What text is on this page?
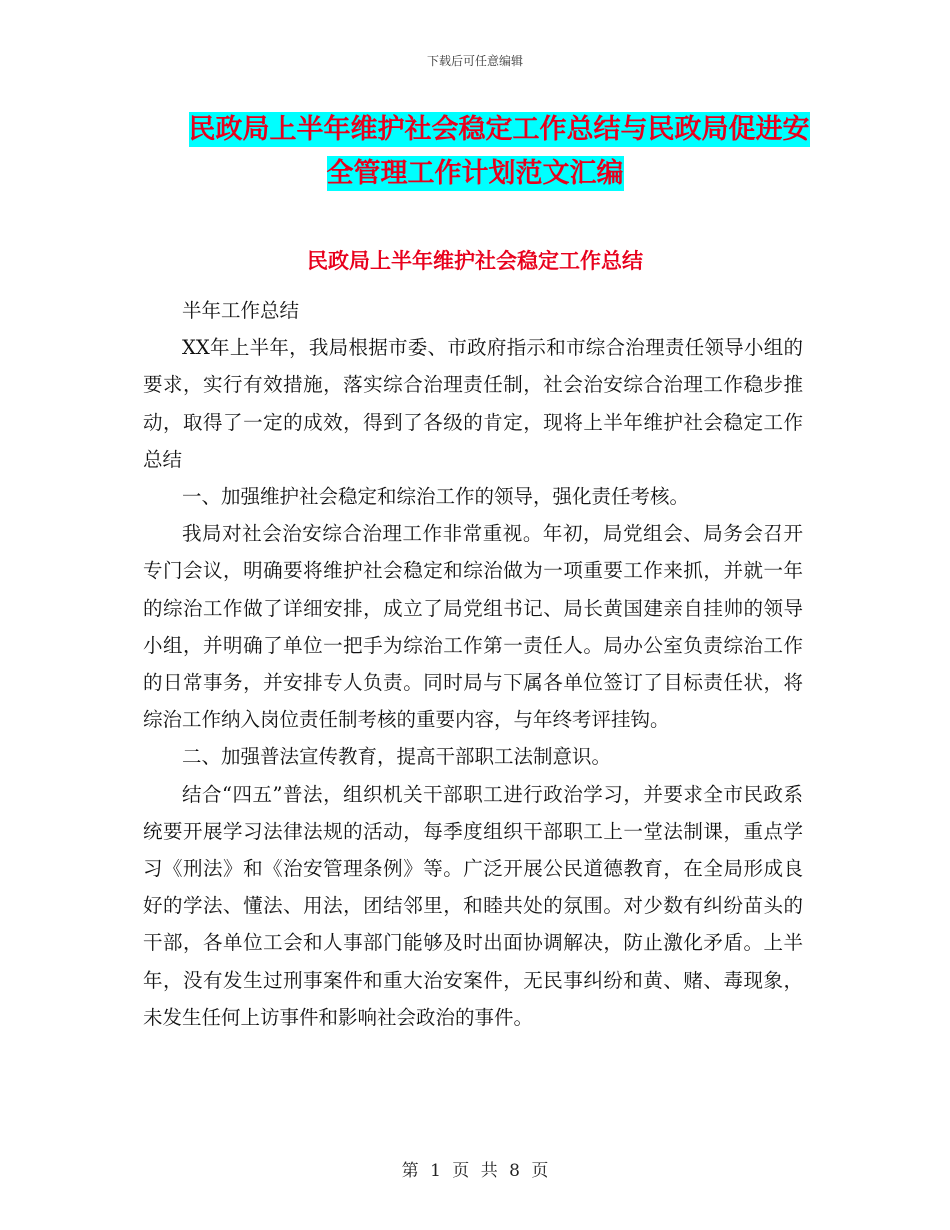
下载后可任意编辑
民政局上半年维护社会稳定工作总结与民政局促进安
全管理工作计划范文汇编
民政局上半年维护社会稳定工作总结

半年工作总结

XX年上半年，我局根据市委、市政府指示和市综合治理责任领导小组的要求，实行有效措施，落实综合治理责任制，社会治安综合治理工作稳步推动，取得了一定的成效，得到了各级的肯定，现将上半年维护社会稳定工作总结

一、加强维护社会稳定和综治工作的领导，强化责任考核。

我局对社会治安综合治理工作非常重视。年初，局党组会、局务会召开专门会议，明确要将维护社会稳定和综治做为一项重要工作来抓，并就一年的综治工作做了详细安排，成立了局党组书记、局长黄国建亲自挂帅的领导小组，并明确了单位一把手为综治工作第一责任人。局办公室负责综治工作的日常事务，并安排专人负责。同时局与下属各单位签订了目标责任状，将综治工作纳入岗位责任制考核的重要内容，与年终考评挂钩。

二、加强普法宣传教育，提高干部职工法制意识。

结合“四五”普法，组织机关干部职工进行政治学习，并要求全市民政系统要开展学习法律法规的活动，每季度组织干部职工上一堂法制课，重点学习《刑法》和《治安管理条例》等。广泛开展公民道德教育，在全局形成良好的学法、懂法、用法，团结邻里，和睦共处的氛围。对少数有纠纷苗头的干部，各单位工会和人事部门能够及时出面协调解决，防止激化矛盾。上半年，没有发生过刑事案件和重大治安案件，无民事纠纷和黄、赌、毒现象，未发生任何上访事件和影响社会政治的事件。

第 1 页 共 8 页
